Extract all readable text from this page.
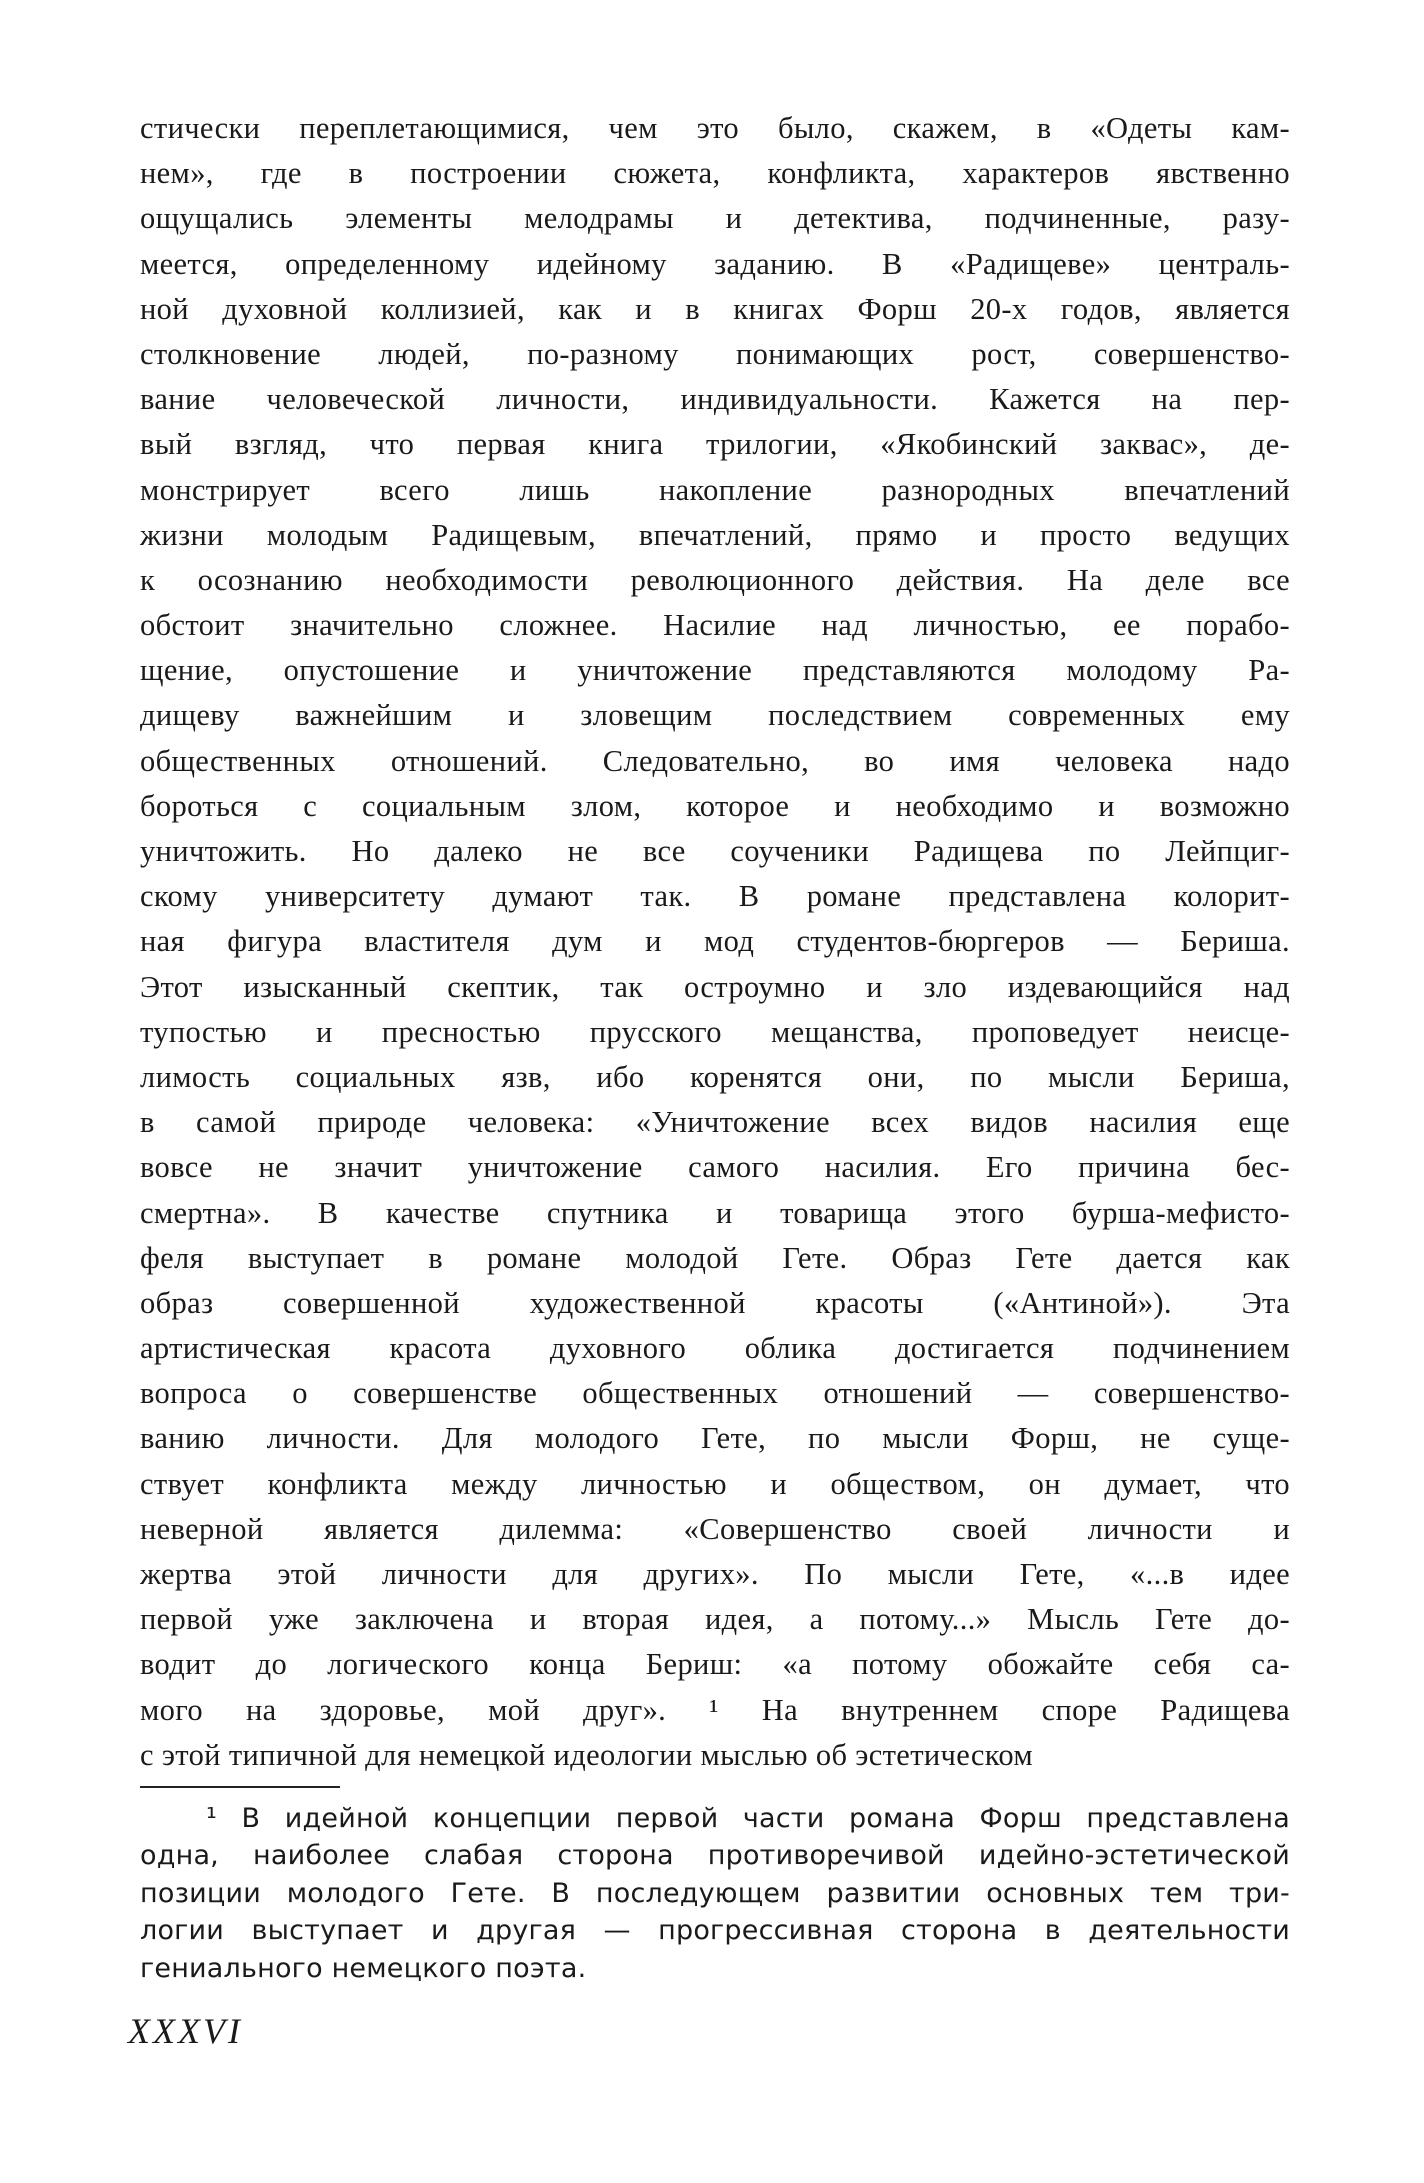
стически переплетающимися, чем это было, скажем, в «Одеты кам-
нем», где в построении сюжета, конфликта, характеров явственно
ощущались элементы мелодрамы и детектива, подчиненные, разу-
меется, определенному идейному заданию. В «Радищеве» централь-
ной духовной коллизией, как и в книгах Форш 20-х годов, является
столкновение людей, по-разному понимающих рост, совершенство-
вание человеческой личности, индивидуальности. Кажется на пер-
вый взгляд, что первая книга трилогии, «Якобинский заквас», де-
монстрирует всего лишь накопление разнородных впечатлений
жизни молодым Радищевым, впечатлений, прямо и просто ведущих
к осознанию необходимости революционного действия. На деле все
обстоит значительно сложнее. Насилие над личностью, ее порабо-
щение, опустошение и уничтожение представляются молодому Ра-
дищеву важнейшим и зловещим последствием современных ему
общественных отношений. Следовательно, во имя человека надо
бороться с социальным злом, которое и необходимо и возможно
уничтожить. Но далеко не все соученики Радищева по Лейпциг-
скому университету думают так. В романе представлена колорит-
ная фигура властителя дум и мод студентов-бюргеров — Бериша.
Этот изысканный скептик, так остроумно и зло издевающийся над
тупостью и пресностью прусского мещанства, проповедует неисце-
лимость социальных язв, ибо коренятся они, по мысли Бериша,
в самой природе человека: «Уничтожение всех видов насилия еще
вовсе не значит уничтожение самого насилия. Его причина бес-
смертна». В качестве спутника и товарища этого бурша-мефисто-
феля выступает в романе молодой Гете. Образ Гете дается как
образ совершенной художественной красоты («Антиной»). Эта
артистическая красота духовного облика достигается подчинением
вопроса о совершенстве общественных отношений — совершенство-
ванию личности. Для молодого Гете, по мысли Форш, не суще-
ствует конфликта между личностью и обществом, он думает, что
неверной является дилемма: «Совершенство своей личности и
жертва этой личности для других». По мысли Гете, «...в идее
первой уже заключена и вторая идея, а потому...» Мысль Гете до-
водит до логического конца Бериш: «а потому обожайте себя са-
мого на здоровье, мой друг». ¹ На внутреннем споре Радищева
с этой типичной для немецкой идеологии мыслью об эстетическом
¹ В идейной концепции первой части романа Форш представлена
одна, наиболее слабая сторона противоречивой идейно-эстетической
позиции молодого Гете. В последующем развитии основных тем три-
логии выступает и другая — прогрессивная сторона в деятельности
гениального немецкого поэта.
XXXVI
